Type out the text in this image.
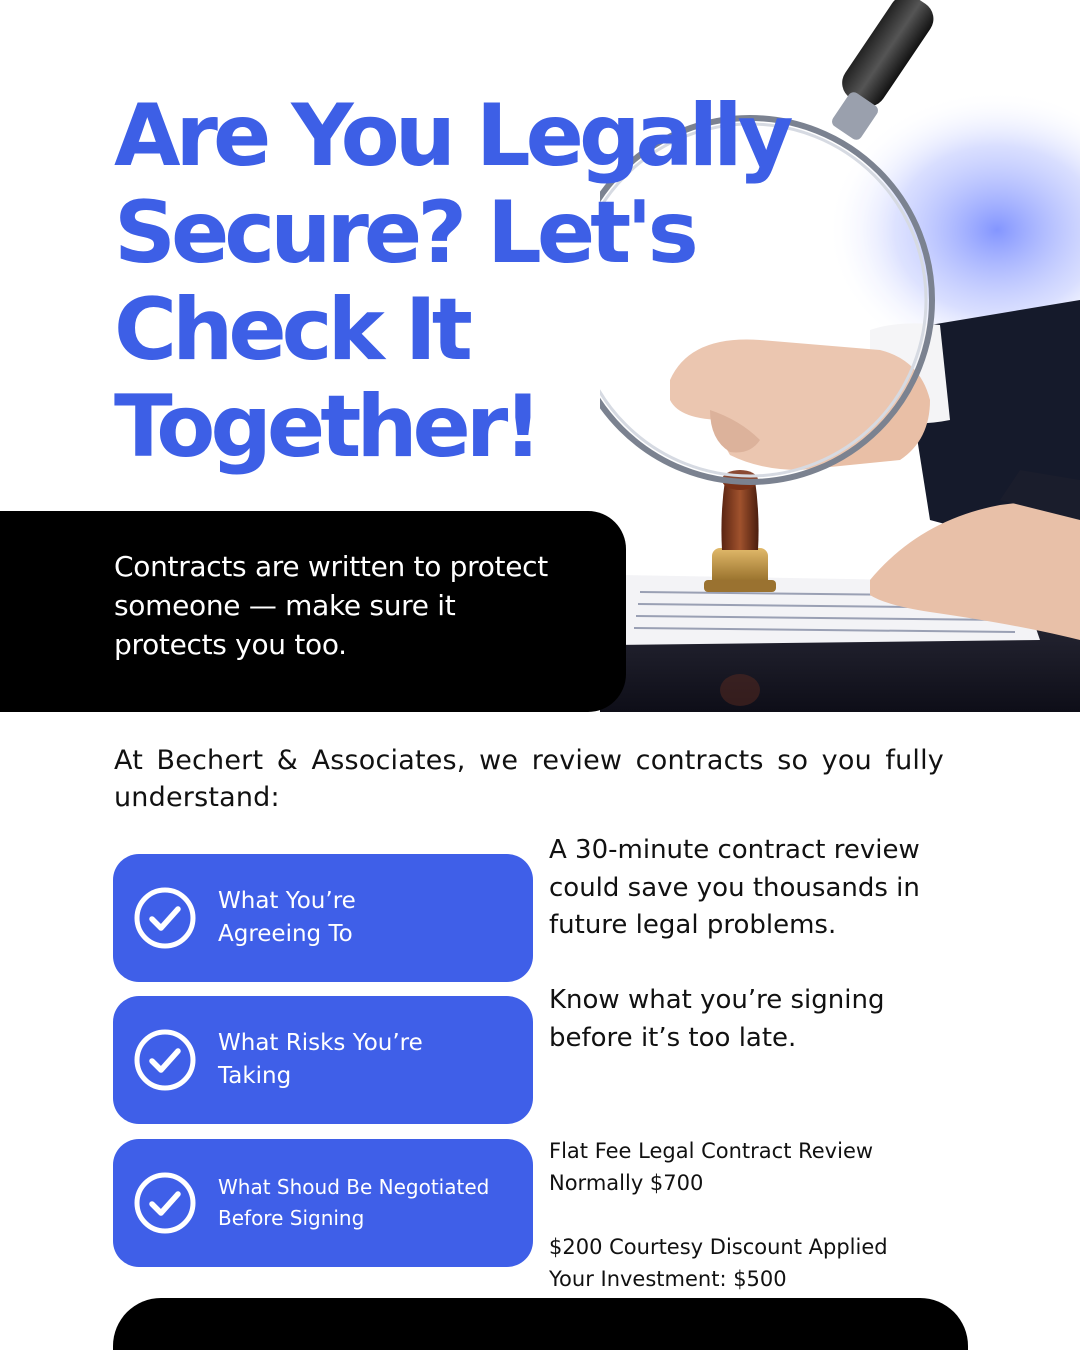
Are You Legally
Secure? Let's
Check It
Together!

Contracts are written to protect
someone — make sure it
protects you too.

At Bechert & Associates, we review contracts so you fully understand:

What You’re
Agreeing To
What Risks You’re
Taking
What Shoud Be Negotiated
Before Signing

A 30-minute contract review
could save you thousands in
future legal problems.

Know what you’re signing
before it’s too late.

Flat Fee Legal Contract Review
Normally $700
$200 Courtesy Discount Applied
Your Investment: $500
